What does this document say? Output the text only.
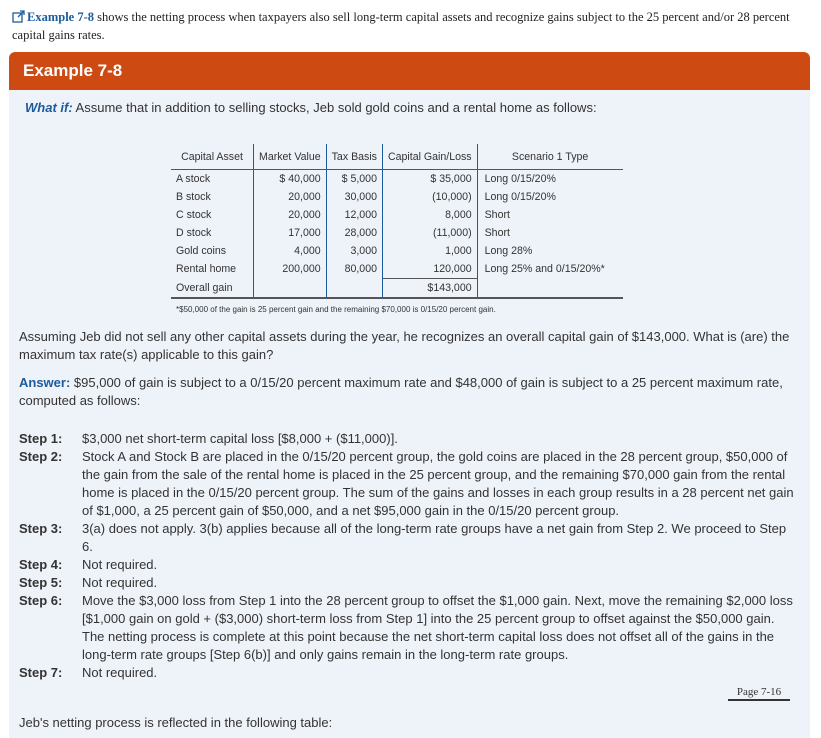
Example 7-8 shows the netting process when taxpayers also sell long-term capital assets and recognize gains subject to the 25 percent and/or 28 percent capital gains rates.
Example 7-8
What if: Assume that in addition to selling stocks, Jeb sold gold coins and a rental home as follows:
Capital Asset	Market Value	Tax Basis	Capital Gain/Loss	Scenario 1 Type
A stock	$ 40,000	$ 5,000	$ 35,000	Long 0/15/20%
B stock	20,000	30,000	(10,000)	Long 0/15/20%
C stock	20,000	12,000	8,000	Short
D stock	17,000	28,000	(11,000)	Short
Gold coins	4,000	3,000	1,000	Long 28%
Rental home	200,000	80,000	120,000	Long 25% and 0/15/20%*
Overall gain			$143,000	
*$50,000 of the gain is 25 percent gain and the remaining $70,000 is 0/15/20 percent gain.				
Assuming Jeb did not sell any other capital assets during the year, he recognizes an overall capital gain of $143,000. What is (are) the maximum tax rate(s) applicable to this gain?
Answer: $95,000 of gain is subject to a 0/15/20 percent maximum rate and $48,000 of gain is subject to a 25 percent maximum rate, computed as follows:
Step 1:	$3,000 net short-term capital loss [$8,000 + ($11,000)].
Step 2:	Stock A and Stock B are placed in the 0/15/20 percent group, the gold coins are placed in the 28 percent group, $50,000 of the gain from the sale of the rental home is placed in the 25 percent group, and the remaining $70,000 gain from the rental home is placed in the 0/15/20 percent group. The sum of the gains and losses in each group results in a 28 percent net gain of $1,000, a 25 percent gain of $50,000, and a net $95,000 gain in the 0/15/20 percent group.
Step 3:	3(a) does not apply. 3(b) applies because all of the long-term rate groups have a net gain from Step 2. We proceed to Step 6.
Step 4:	Not required.
Step 5:	Not required.
Step 6:	Move the $3,000 loss from Step 1 into the 28 percent group to offset the $1,000 gain. Next, move the remaining $2,000 loss [$1,000 gain on gold + ($3,000) short-term loss from Step 1] into the 25 percent group to offset against the $50,000 gain. The netting process is complete at this point because the net short-term capital loss does not offset all of the gains in the long-term rate groups [Step 6(b)] and only gains remain in the long-term rate groups.
Step 7:	Not required.
Page 7-16
Jeb's netting process is reflected in the following table:
